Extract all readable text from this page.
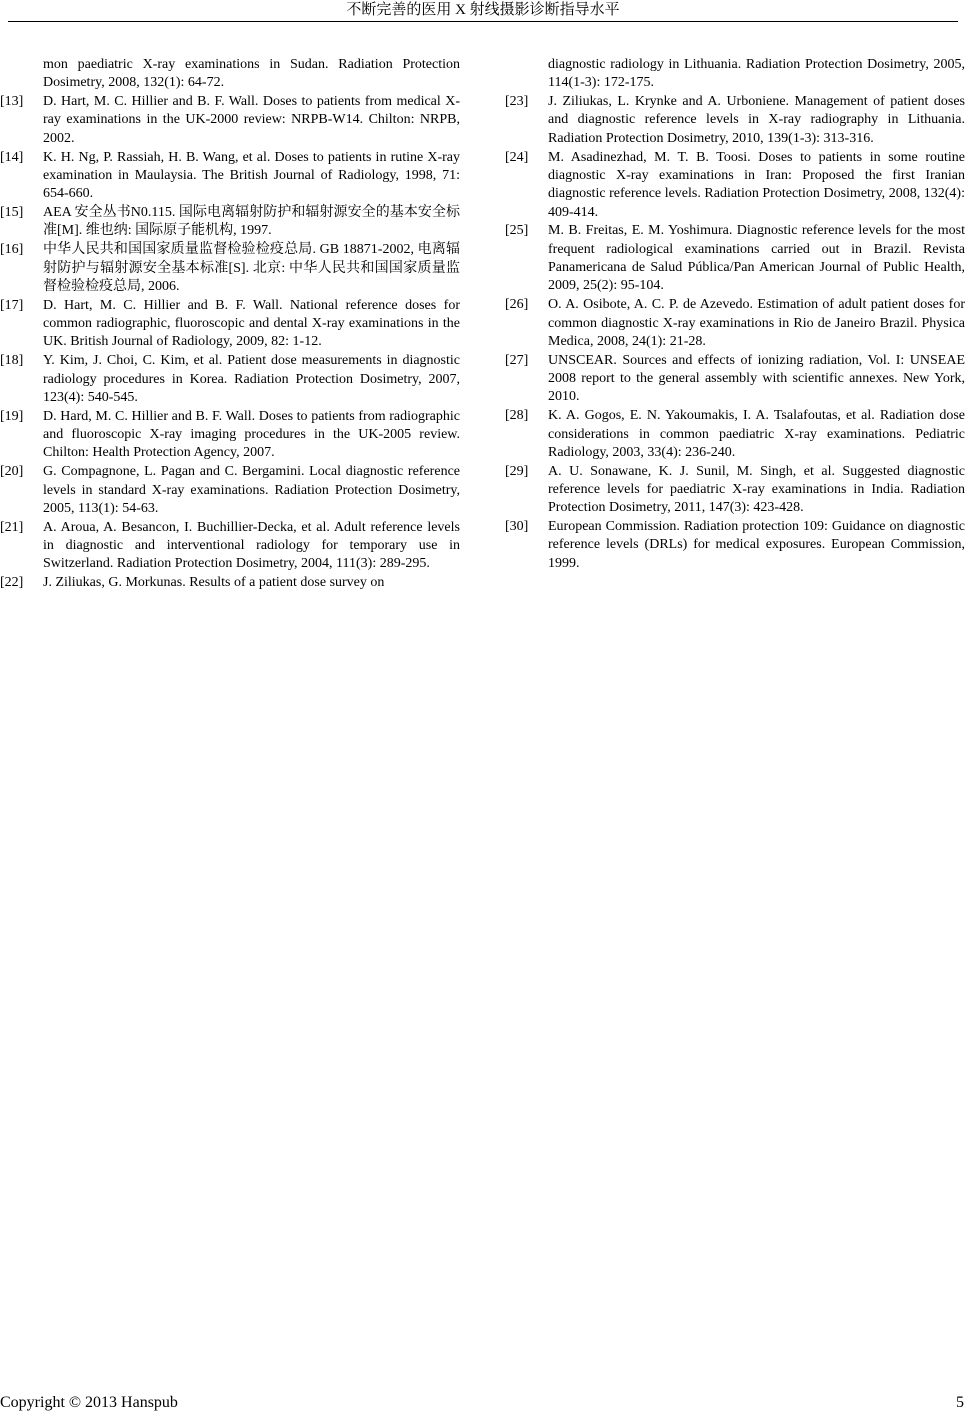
不断完善的医用 X 射线摄影诊断指导水平
mon paediatric X-ray examinations in Sudan. Radiation Protection Dosimetry, 2008, 132(1): 64-72.
[13] D. Hart, M. C. Hillier and B. F. Wall. Doses to patients from medical X-ray examinations in the UK-2000 review: NRPB-W14. Chilton: NRPB, 2002.
[14] K. H. Ng, P. Rassiah, H. B. Wang, et al. Doses to patients in rutine X-ray examination in Maulaysia. The British Journal of Radiology, 1998, 71: 654-660.
[15] AEA 安全丛书N0.115. 国际电离辐射防护和辐射源安全的基本安全标准[M]. 维也纳: 国际原子能机构, 1997.
[16] 中华人民共和国国家质量监督检验检疫总局. GB 18871-2002, 电离辐射防护与辐射源安全基本标准[S]. 北京: 中华人民共和国国家质量监督检验检疫总局, 2006.
[17] D. Hart, M. C. Hillier and B. F. Wall. National reference doses for common radiographic, fluoroscopic and dental X-ray examinations in the UK. British Journal of Radiology, 2009, 82: 1-12.
[18] Y. Kim, J. Choi, C. Kim, et al. Patient dose measurements in diagnostic radiology procedures in Korea. Radiation Protection Dosimetry, 2007, 123(4): 540-545.
[19] D. Hard, M. C. Hillier and B. F. Wall. Doses to patients from radiographic and fluoroscopic X-ray imaging procedures in the UK-2005 review. Chilton: Health Protection Agency, 2007.
[20] G. Compagnone, L. Pagan and C. Bergamini. Local diagnostic reference levels in standard X-ray examinations. Radiation Protection Dosimetry, 2005, 113(1): 54-63.
[21] A. Aroua, A. Besancon, I. Buchillier-Decka, et al. Adult reference levels in diagnostic and interventional radiology for temporary use in Switzerland. Radiation Protection Dosimetry, 2004, 111(3): 289-295.
[22] J. Ziliukas, G. Morkunas. Results of a patient dose survey on
diagnostic radiology in Lithuania. Radiation Protection Dosimetry, 2005, 114(1-3): 172-175.
[23] J. Ziliukas, L. Krynke and A. Urboniene. Management of patient doses and diagnostic reference levels in X-ray radiography in Lithuania. Radiation Protection Dosimetry, 2010, 139(1-3): 313-316.
[24] M. Asadinezhad, M. T. B. Toosi. Doses to patients in some routine diagnostic X-ray examinations in Iran: Proposed the first Iranian diagnostic reference levels. Radiation Protection Dosimetry, 2008, 132(4): 409-414.
[25] M. B. Freitas, E. M. Yoshimura. Diagnostic reference levels for the most frequent radiological examinations carried out in Brazil. Revista Panamericana de Salud Pública/Pan American Journal of Public Health, 2009, 25(2): 95-104.
[26] O. A. Osibote, A. C. P. de Azevedo. Estimation of adult patient doses for common diagnostic X-ray examinations in Rio de Janeiro Brazil. Physica Medica, 2008, 24(1): 21-28.
[27] UNSCEAR. Sources and effects of ionizing radiation, Vol. I: UNSEAE 2008 report to the general assembly with scientific annexes. New York, 2010.
[28] K. A. Gogos, E. N. Yakoumakis, I. A. Tsalafoutas, et al. Radiation dose considerations in common paediatric X-ray examinations. Pediatric Radiology, 2003, 33(4): 236-240.
[29] A. U. Sonawane, K. J. Sunil, M. Singh, et al. Suggested diagnostic reference levels for paediatric X-ray examinations in India. Radiation Protection Dosimetry, 2011, 147(3): 423-428.
[30] European Commission. Radiation protection 109: Guidance on diagnostic reference levels (DRLs) for medical exposures. European Commission, 1999.
Copyright © 2013 Hanspub	5
